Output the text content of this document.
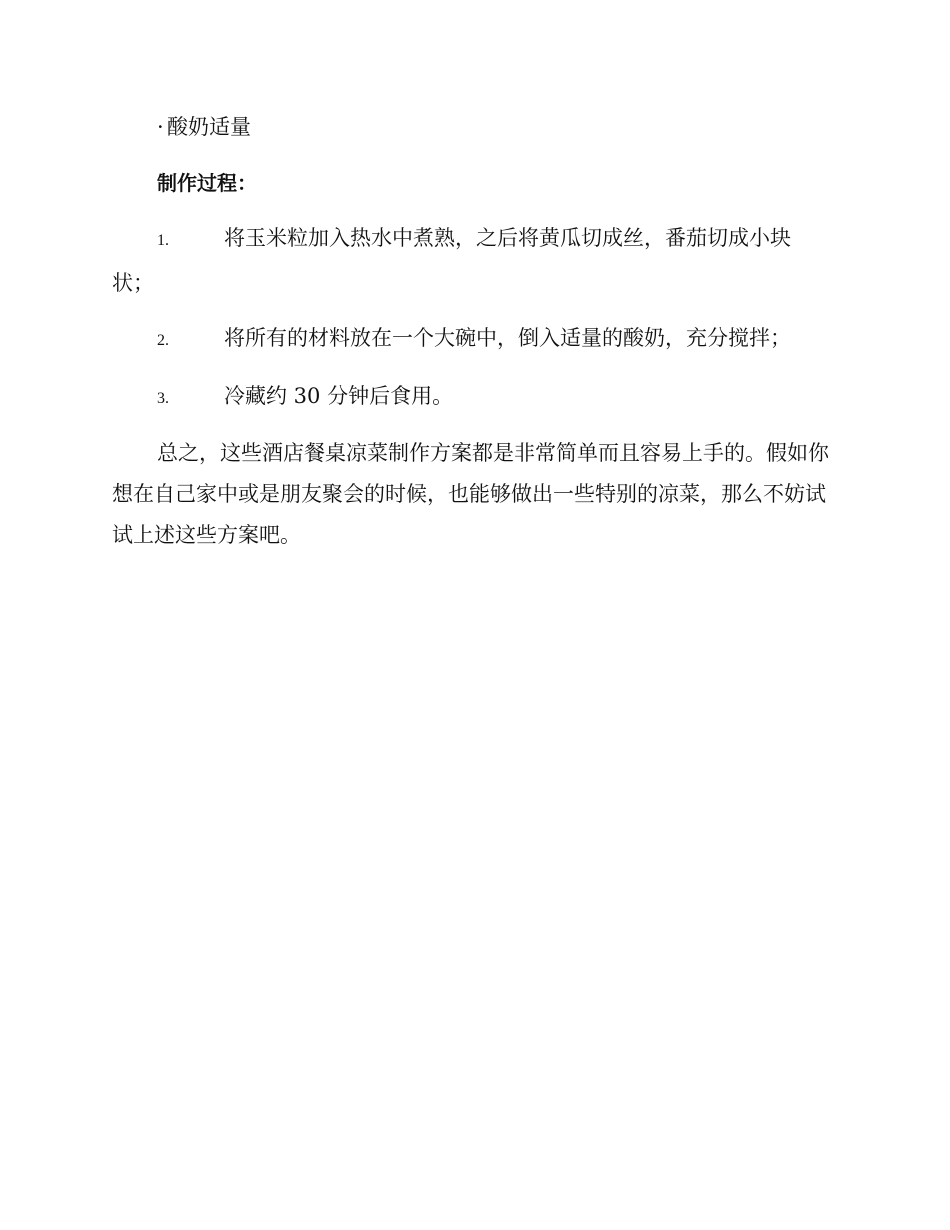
· 酸奶适量

制作过程：

1.	将玉米粒加入热水中煮熟，之后将黄瓜切成丝，番茄切成小块状；

2.	将所有的材料放在一个大碗中，倒入适量的酸奶，充分搅拌；

3.	冷藏约 30 分钟后食用。

总之，这些酒店餐桌凉菜制作方案都是非常简单而且容易上手的。假如你想在自己家中或是朋友聚会的时候，也能够做出一些特别的凉菜，那么不妨试试上述这些方案吧。
